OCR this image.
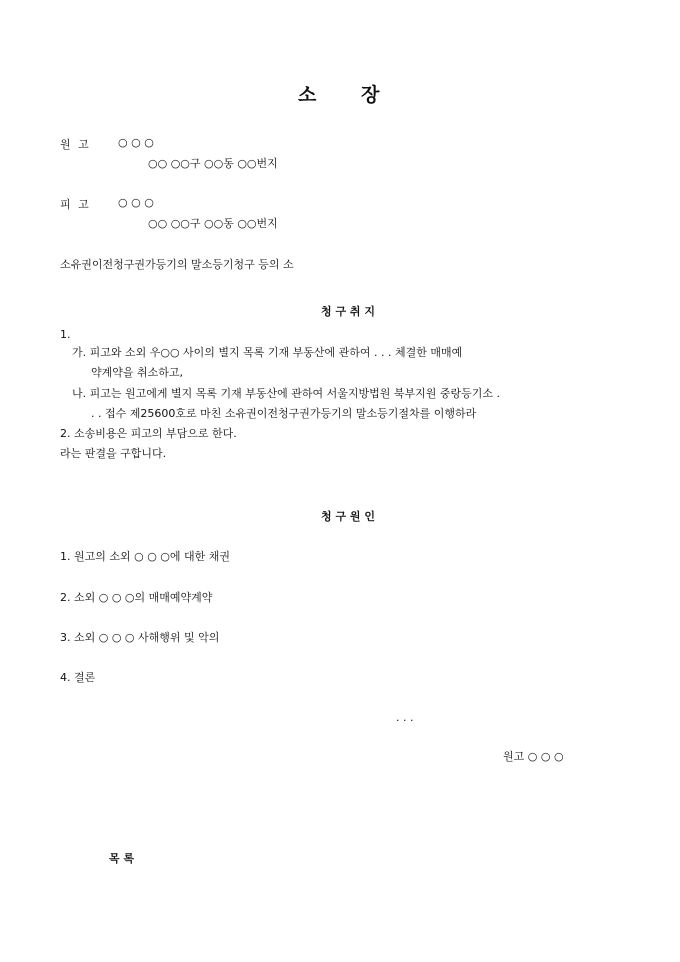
소 장
원 고	○ ○ ○
○○ ○○구 ○○동 ○○번지
피 고	○ ○ ○
○○ ○○구 ○○동 ○○번지
소유권이전청구권가등기의 말소등기청구 등의 소
청 구 취 지
1.
가. 피고와 소외 우○○ 사이의 별지 목록 기재 부동산에 관하여 . . . 체결한 매매예
약계약을 취소하고,
나. 피고는 원고에게 별지 목록 기재 부동산에 관하여 서울지방법원 북부지원 중랑등기소 .
. . 접수 제25600호로 마친 소유권이전청구권가등기의 말소등기절차를 이행하라
2. 소송비용은 피고의 부담으로 한다.
라는 판결을 구합니다.
청 구 원 인
1. 원고의 소외 ○ ○ ○에 대한 채권
2. 소외 ○ ○ ○의 매매예약계약
3. 소외 ○ ○ ○ 사해행위 및 악의
4. 결론
. . .
원고 ○ ○ ○
목 록
